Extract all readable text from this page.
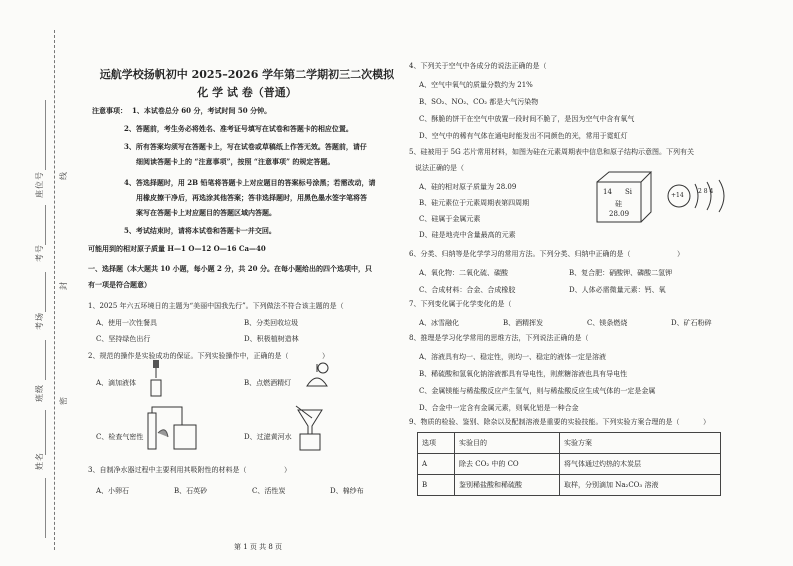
座位号
考号
考场
班级
姓名
线
封
密
远航学校扬帆初中 2025–2026 学年第二学期初三二次模拟
化 学 试 卷（普通）
注意事项： 1、本试卷总分 60 分，考试时间 50 分钟。
2、答题前，考生务必将姓名、准考证号填写在试卷和答题卡的相应位置。
3、所有答案均须写在答题卡上，写在试卷或草稿纸上作答无效。答题前，请仔
细阅读答题卡上的 “注意事项”，按照 “注意事项” 的规定答题。
4、答选择题时，用 2B 铅笔将答题卡上对应题目的答案标号涂黑；若需改动，请
用橡皮擦干净后，再选涂其他答案；答非选择题时，用黑色墨水签字笔将答
案写在答题卡上对应题目的答题区域内答题。
5、考试结束时，请将本试卷和答题卡一并交回。
可能用到的相对原子质量 H—1 O—12 O—16 Ca—40
一、选择题（本大题共 10 小题，每小题 2 分，共 20 分。在每小题给出的四个选项中，只
有一项是符合题意）
1、2025 年六五环境日的主题为“美丽中国我先行”。下列做法不符合该主题的是（
A、使用一次性餐具	B、分类回收垃圾
C、坚持绿色出行	D、积极植树造林
2、规范的操作是实验成功的保证。下列实验操作中，正确的是（	）
A、滴加液体	B、点燃酒精灯
C、检查气密性	D、过滤黄河水
3、自制净水器过程中主要利用其吸附性的材料是（	）
A、小卵石	B、石英砂	C、活性炭	D、棉纱布
第 1 页 共 8 页
4、下列关于空气中各成分的说法正确的是（
A、空气中氧气的质量分数约为 21%
B、SO₂、NO₂、CO₂ 都是大气污染物
C、酥脆的饼干在空气中放置一段时间不脆了，是因为空气中含有氧气
D、空气中的稀有气体在通电时能发出不同颜色的光，常用于霓虹灯
5、硅被用于 5G 芯片常用材料，如图为硅在元素周期表中信息和原子结构示意图。下列有关
说法正确的是（
A、硅的相对原子质量为 28.09
B、硅元素位于元素周期表第四周期
C、硅属于金属元素
D、硅是地壳中含量最高的元素
14 Si
硅
28.09
+14
2 8 4
6、分类、归纳等是化学学习的常用方法。下列分类、归纳中正确的是（	）
A、氧化物：二氧化硫、碳酸	B、复合肥：硝酸钾、磷酸二氢钾
C、合成材料：合金、合成橡胶	D、人体必需微量元素：钙、氧
7、下列变化属于化学变化的是（
A、冰雪融化	B、酒精挥发	C、镁条燃烧	D、矿石粉碎
8、推理是学习化学常用的思维方法，下列说法正确的是（
A、溶液具有均一、稳定性，则均一、稳定的液体一定是溶液
B、稀硫酸和氢氧化钠溶液都具有导电性，则蔗糖溶液也具有导电性
C、金属镁能与稀盐酸反应产生氢气，则与稀盐酸反应生成气体的一定是金属
D、合金中一定含有金属元素，则氧化铝是一种合金
9、物质的检验、鉴别、除杂以及配制溶液是重要的实验技能。下列实验方案合理的是（	）
选项	实验目的	实验方案
A	除去 CO₂ 中的 CO	将气体通过灼热的木炭层
B	鉴别稀盐酸和稀硫酸	取样，分别滴加 Na₂CO₃ 溶液
